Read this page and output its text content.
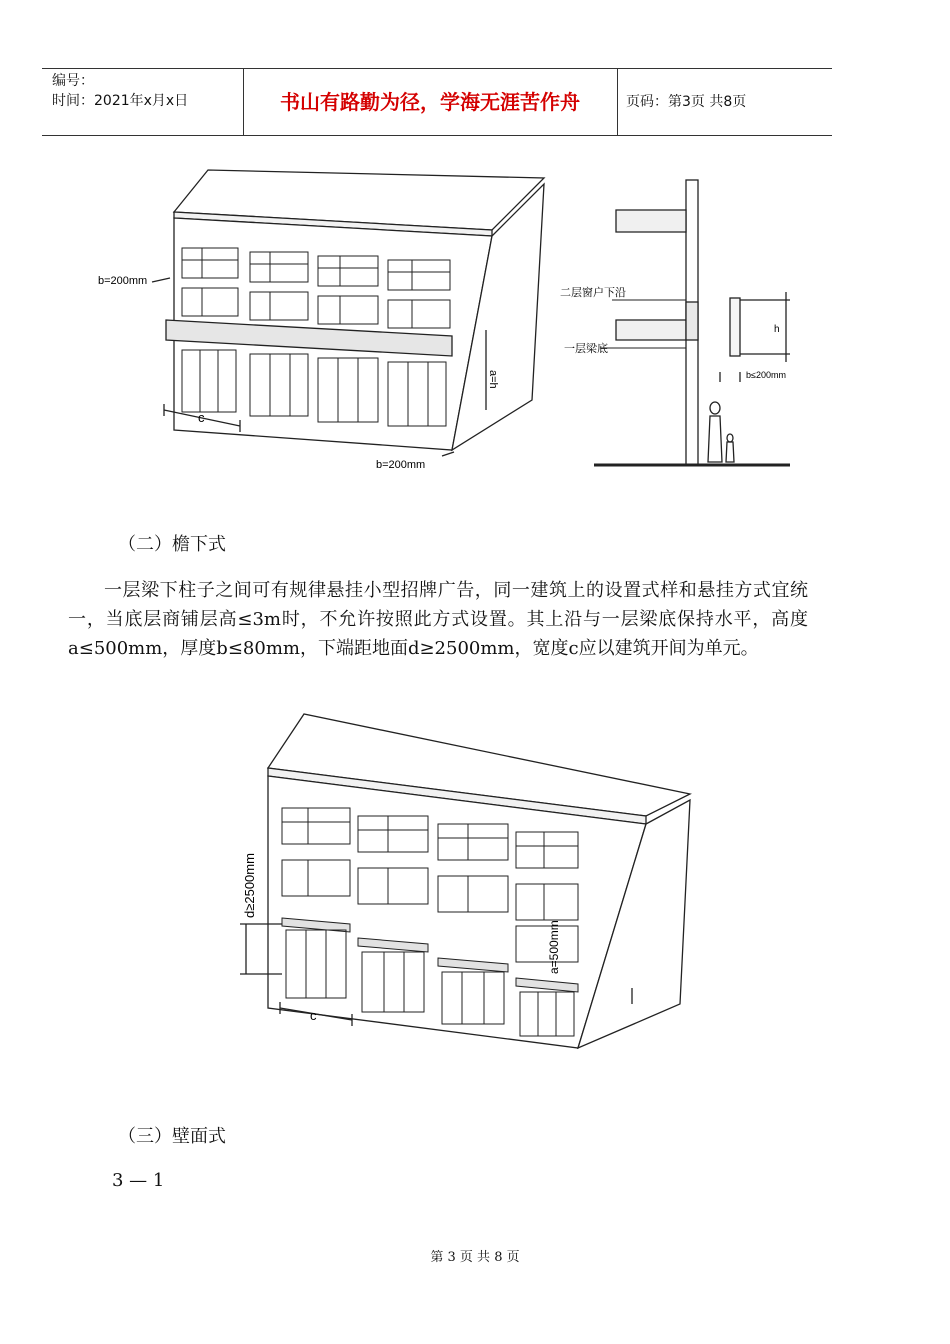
编号：
时间：2021年x月x日	书山有路勤为径，学海无涯苦作舟	页码：第3页 共8页
b=200mm
c
a=h
b=200mm
二层窗户下沿
一层梁底
h
b≤200mm
（二）檐下式
一层梁下柱子之间可有规律悬挂小型招牌广告，同一建筑上的设置式样和悬挂方式宜统一，当底层商铺层高≤3m时，不允许按照此方式设置。其上沿与一层梁底保持水平，高度a≤500mm，厚度b≤80mm，下端距地面d≥2500mm，宽度c应以建筑开间为单元。
d≥2500mm
a=500mm
c
（三）壁面式
3 — 1
第 3 页 共 8 页
